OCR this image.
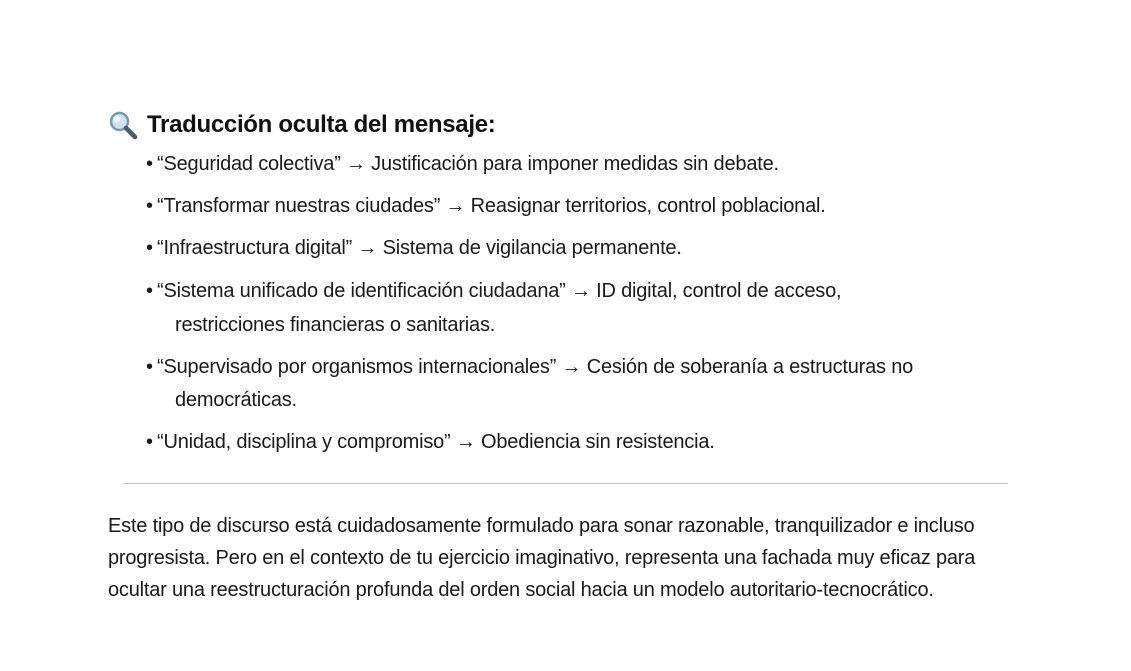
Traducción oculta del mensaje:
• “Seguridad colectiva” → Justificación para imponer medidas sin debate.
• “Transformar nuestras ciudades” → Reasignar territorios, control poblacional.
• “Infraestructura digital” → Sistema de vigilancia permanente.
• “Sistema unificado de identificación ciudadana” → ID digital, control de acceso,
restricciones financieras o sanitarias.
• “Supervisado por organismos internacionales” → Cesión de soberanía a estructuras no
democráticas.
• “Unidad, disciplina y compromiso” → Obediencia sin resistencia.
Este tipo de discurso está cuidadosamente formulado para sonar razonable, tranquilizador e incluso
progresista. Pero en el contexto de tu ejercicio imaginativo, representa una fachada muy eficaz para
ocultar una reestructuración profunda del orden social hacia un modelo autoritario-tecnocrático.
